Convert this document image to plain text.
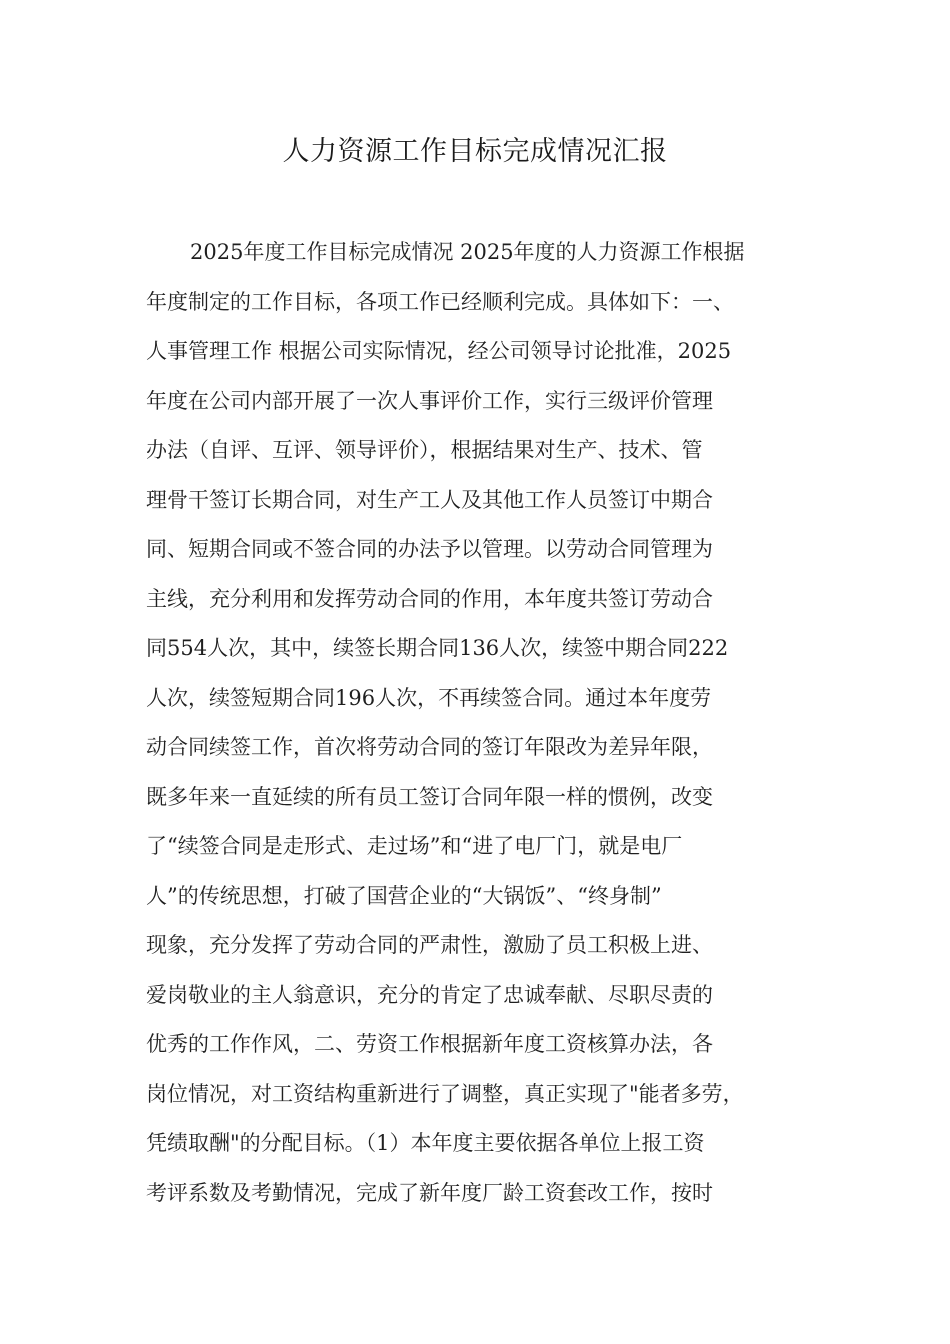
人力资源工作目标完成情况汇报
2025年度工作目标完成情况 2025年度的人力资源工作根据
年度制定的工作目标，各项工作已经顺利完成。具体如下：一、
人事管理工作 根据公司实际情况，经公司领导讨论批准，2025
年度在公司内部开展了一次人事评价工作，实行三级评价管理
办法（自评、互评、领导评价），根据结果对生产、技术、管
理骨干签订长期合同，对生产工人及其他工作人员签订中期合
同、短期合同或不签合同的办法予以管理。以劳动合同管理为
主线，充分利用和发挥劳动合同的作用，本年度共签订劳动合
同554人次，其中，续签长期合同136人次，续签中期合同222
人次，续签短期合同196人次，不再续签合同。通过本年度劳
动合同续签工作，首次将劳动合同的签订年限改为差异年限，
既多年来一直延续的所有员工签订合同年限一样的惯例，改变
了“续签合同是走形式、走过场”和“进了电厂门，就是电厂
人”的传统思想，打破了国营企业的“大锅饭”、“终身制”
现象，充分发挥了劳动合同的严肃性，激励了员工积极上进、
爱岗敬业的主人翁意识，充分的肯定了忠诚奉献、尽职尽责的
优秀的工作作风，二、劳资工作根据新年度工资核算办法，各
岗位情况，对工资结构重新进行了调整，真正实现了"能者多劳，
凭绩取酬"的分配目标。（1）本年度主要依据各单位上报工资
考评系数及考勤情况，完成了新年度厂龄工资套改工作，按时
